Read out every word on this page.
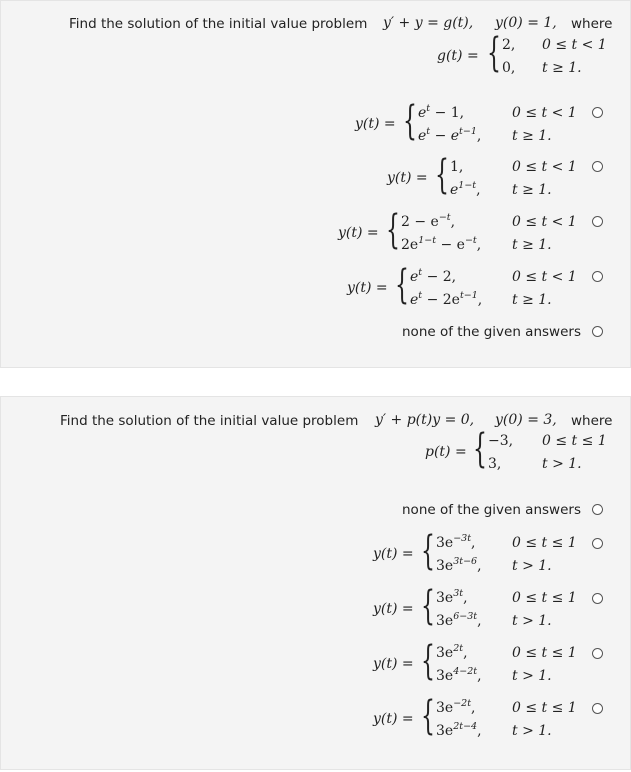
Find the solution of the initial value problem y′ + y = g(t), y(0) = 1, where
g(t) = { 2, 0 ≤ t < 1
0, t ≥ 1.
y(t) = { $e^t - 1$,
$e^t - e^{t-1}$,
0 ≤ t < 1
t ≥ 1.
y(t) = { 1,
$e^{1-t}$,
0 ≤ t < 1
t ≥ 1.
y(t) = { $2 - e^{-t}$,
$2e^{1-t} - e^{-t}$,
0 ≤ t < 1
t ≥ 1.
y(t) = { $e^t - 2$,
$e^t - 2e^{t-1}$,
0 ≤ t < 1
t ≥ 1.
none of the given answers
Find the solution of the initial value problem y′ + p(t)y = 0, y(0) = 3, where
p(t) = { −3, 0 ≤ t ≤ 1
3,	t > 1.
none of the given answers
y(t) = { $3e^{-3t}$,
$3e^{3t-6}$,
0 ≤ t ≤ 1
t > 1.
y(t) = { $3e^{3t}$,
$3e^{6-3t}$,
0 ≤ t ≤ 1
t > 1.
y(t) = { $3e^{2t}$,
$3e^{4-2t}$,
0 ≤ t ≤ 1
t > 1.
y(t) = { $3e^{-2t}$,
$3e^{2t-4}$,
0 ≤ t ≤ 1
t > 1.
